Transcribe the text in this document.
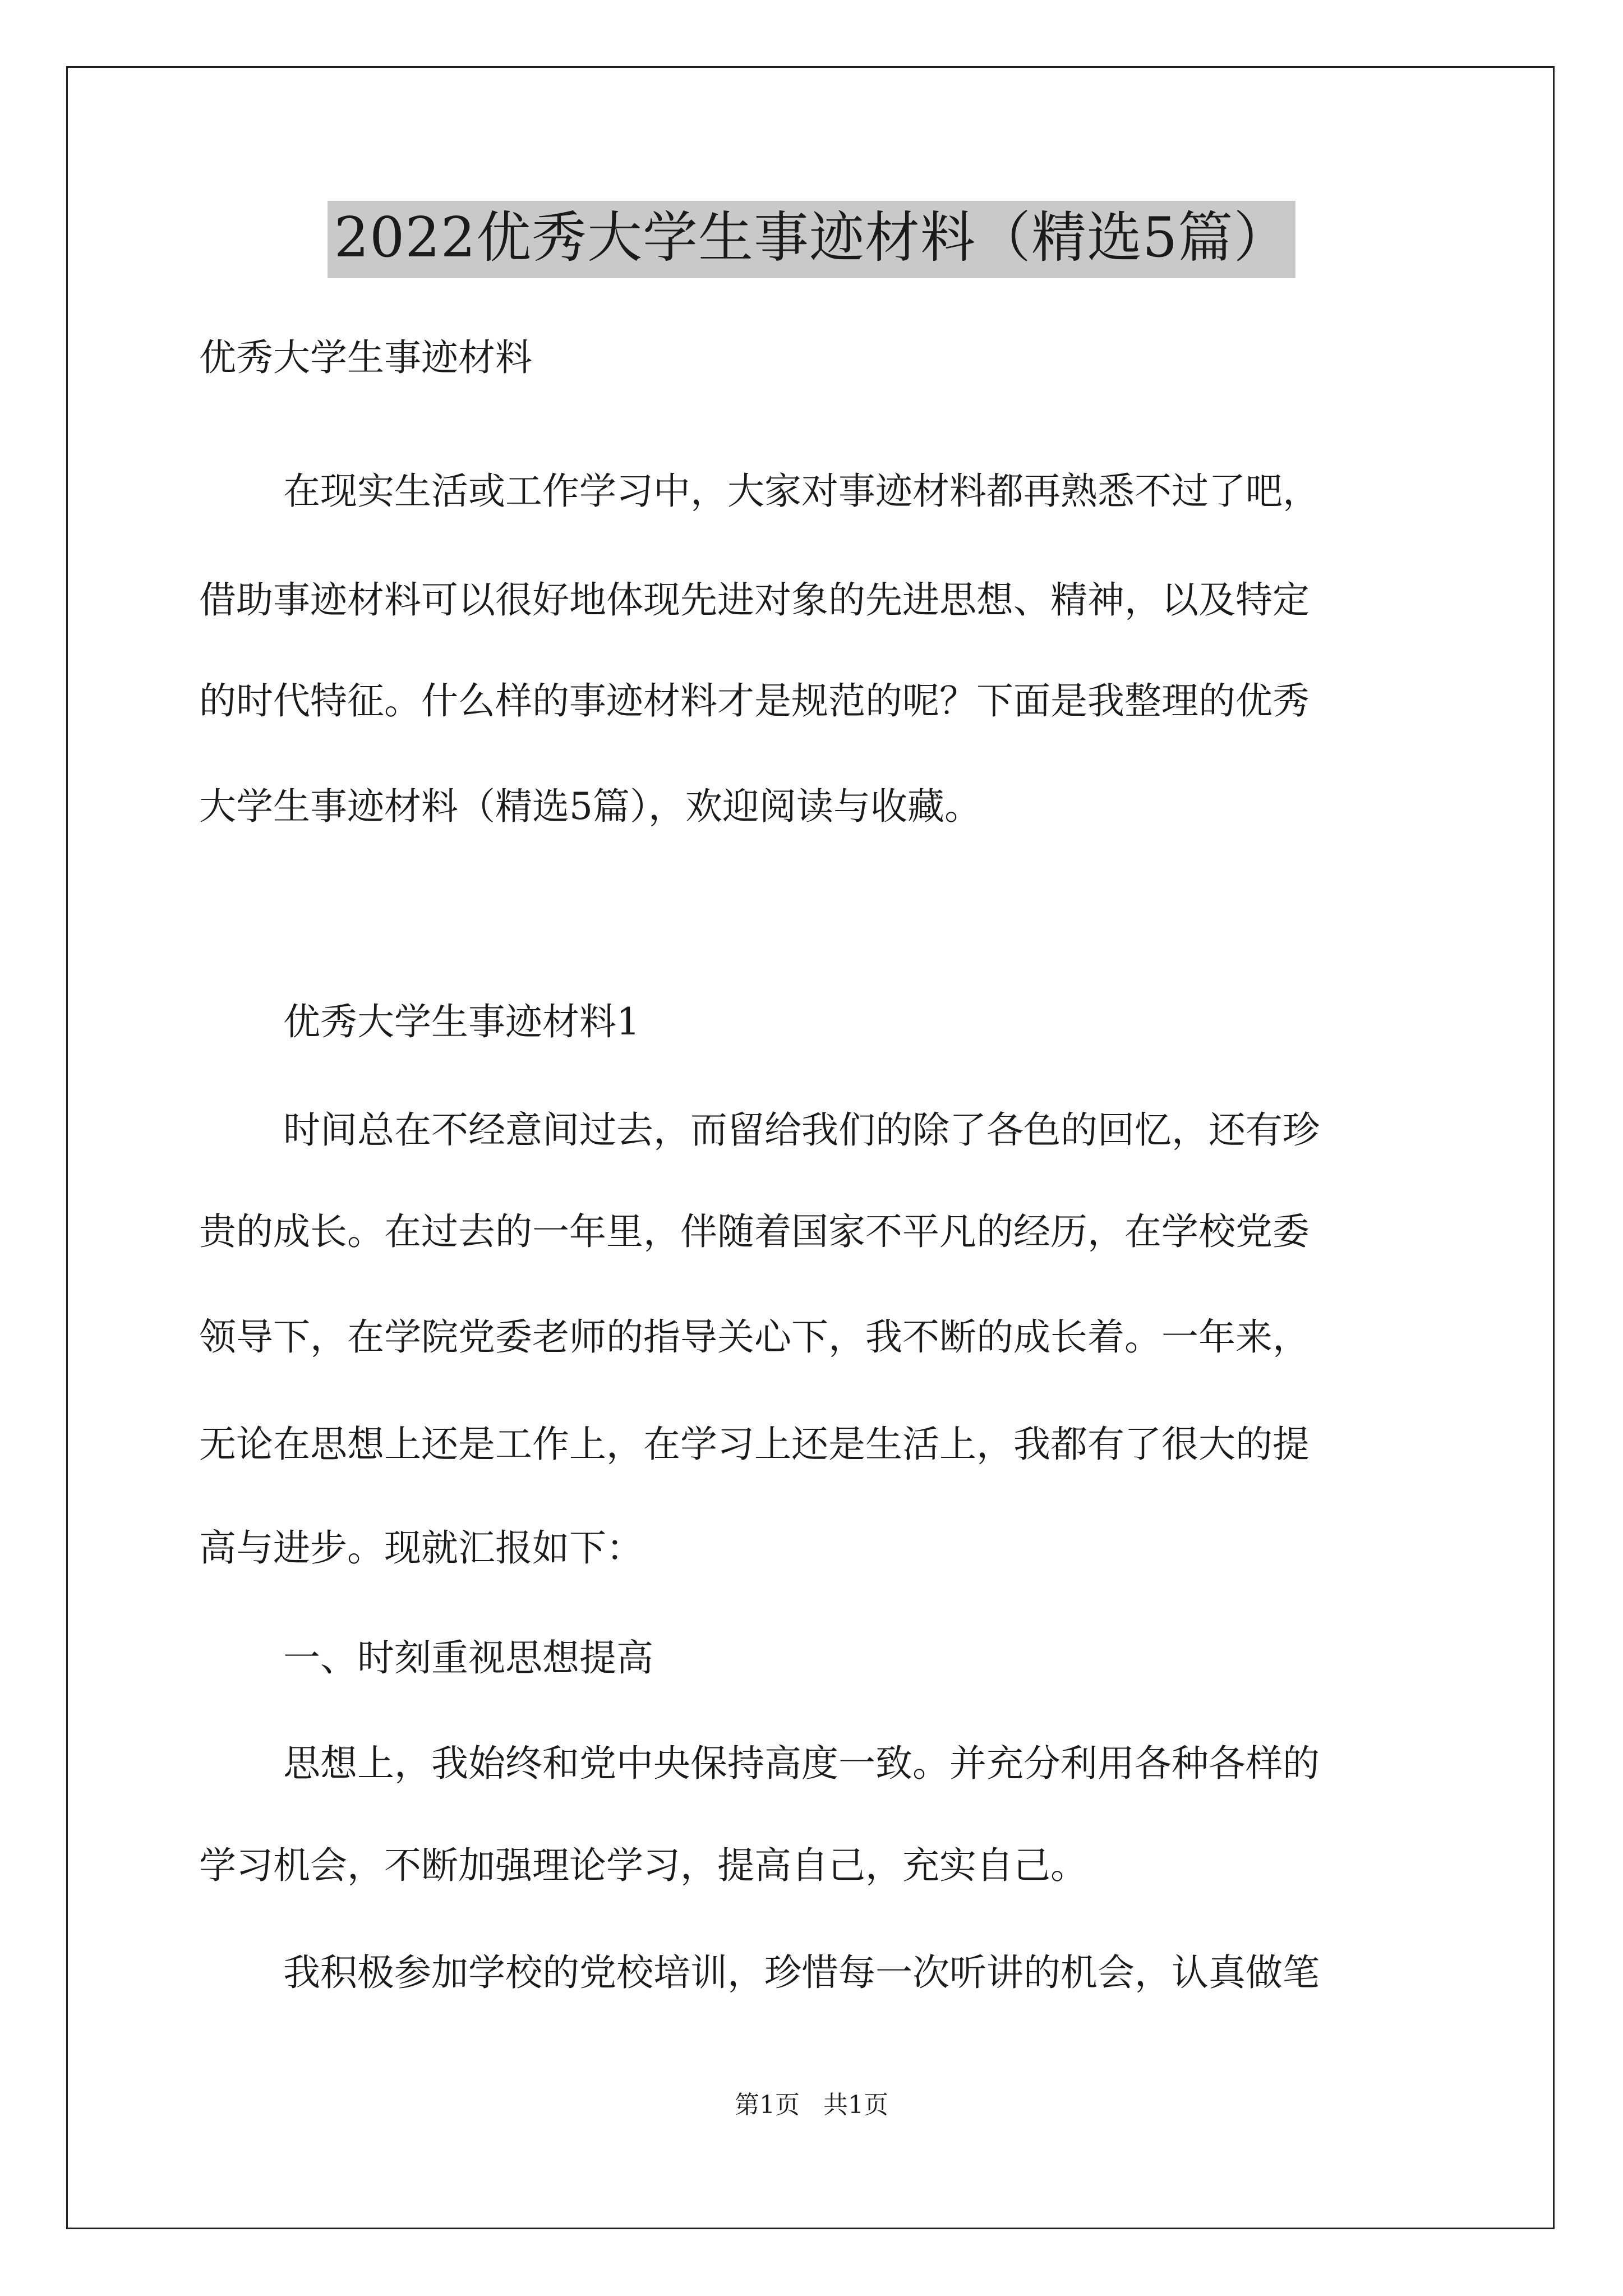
2022优秀大学生事迹材料（精选5篇）
优秀大学生事迹材料
在现实生活或工作学习中，大家对事迹材料都再熟悉不过了吧，
借助事迹材料可以很好地体现先进对象的先进思想、精神，以及特定
的时代特征。什么样的事迹材料才是规范的呢？下面是我整理的优秀
大学生事迹材料（精选5篇），欢迎阅读与收藏。
优秀大学生事迹材料1
时间总在不经意间过去，而留给我们的除了各色的回忆，还有珍
贵的成长。在过去的一年里，伴随着国家不平凡的经历，在学校党委
领导下，在学院党委老师的指导关心下，我不断的成长着。一年来，
无论在思想上还是工作上，在学习上还是生活上，我都有了很大的提
高与进步。现就汇报如下：
一、时刻重视思想提高
思想上，我始终和党中央保持高度一致。并充分利用各种各样的
学习机会，不断加强理论学习，提高自己，充实自己。
我积极参加学校的党校培训，珍惜每一次听讲的机会，认真做笔
第1页   共1页
